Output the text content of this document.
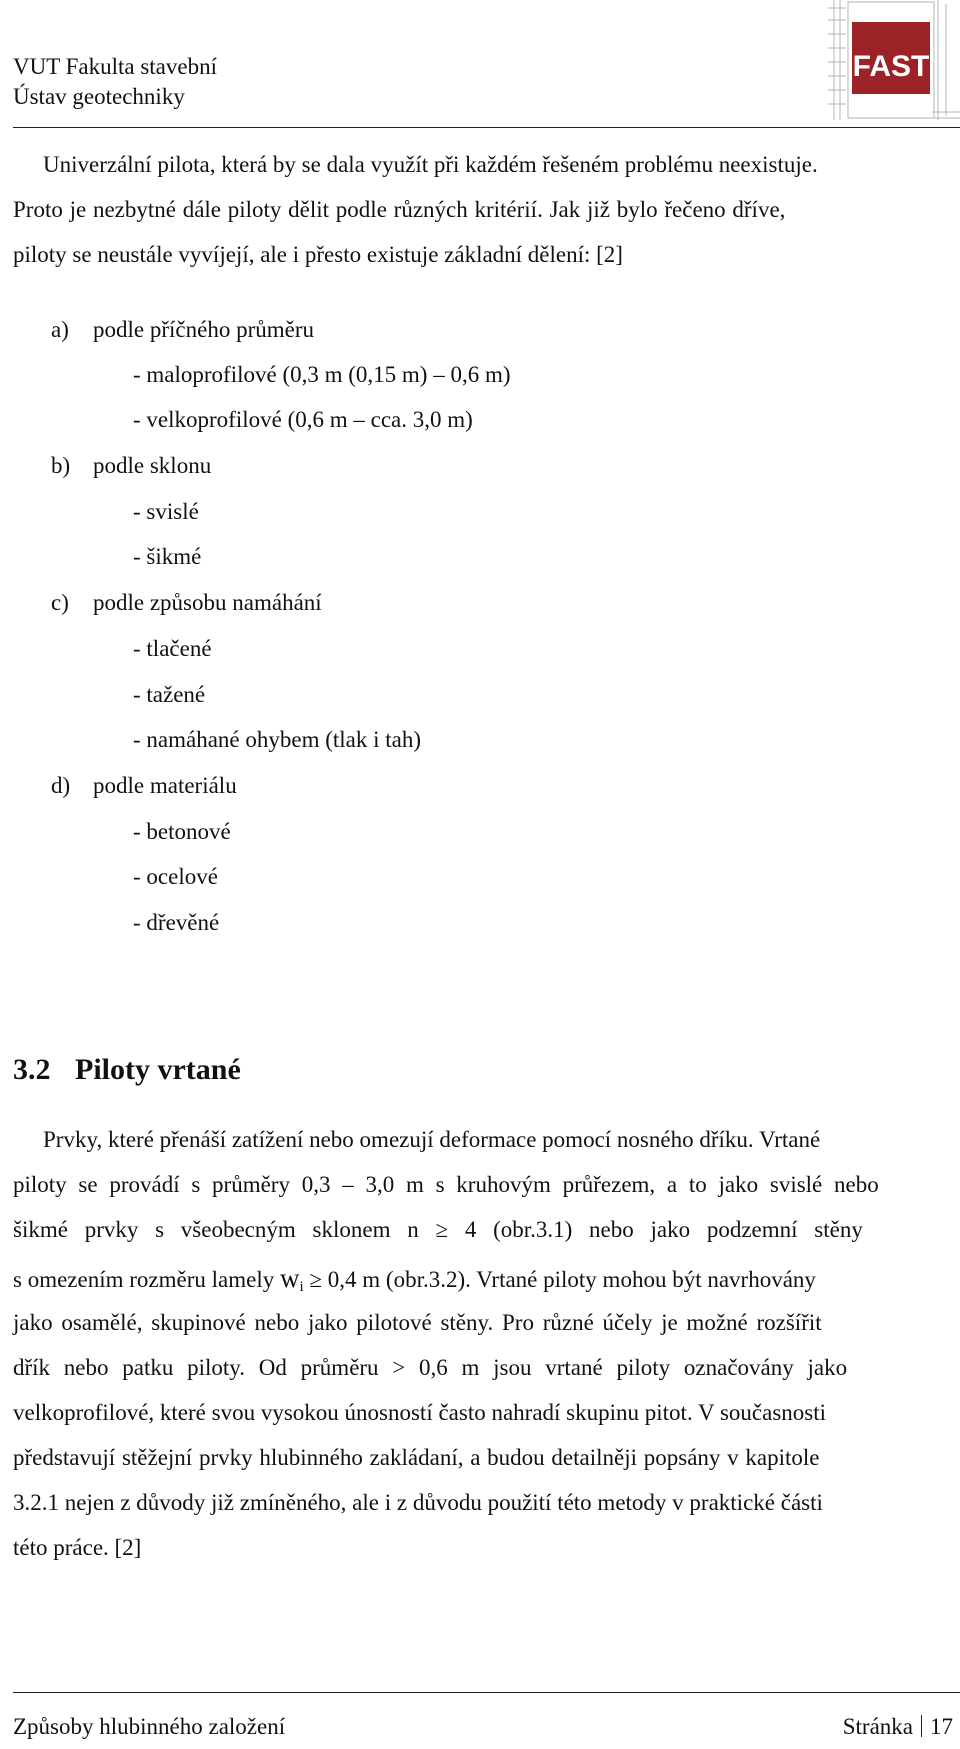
VUT Fakulta stavební
Ústav geotechniky
FAST
Univerzální pilota, která by se dala využít při každém řešeném problému neexistuje.
Proto je nezbytné dále piloty dělit podle různých kritérií. Jak již bylo řečeno dříve,
piloty se neustále vyvíjejí, ale i přesto existuje základní dělení: [2]
a) podle příčného průměru
- maloprofilové (0,3 m (0,15 m) – 0,6 m)
- velkoprofilové (0,6 m – cca. 3,0 m)
b) podle sklonu
- svislé
- šikmé
c) podle způsobu namáhání
- tlačené
- tažené
- namáhané ohybem (tlak i tah)
d) podle materiálu
- betonové
- ocelové
- dřevěné
3.2 Piloty vrtané
Prvky, které přenáší zatížení nebo omezují deformace pomocí nosného dříku. Vrtané
piloty se provádí s průměry 0,3 – 3,0 m s kruhovým průřezem, a to jako svislé nebo
šikmé prvky s všeobecným sklonem n ≥ 4 (obr.3.1) nebo jako podzemní stěny
s omezením rozměru lamely $w_i \ge 0,4$ m (obr.3.2). Vrtané piloty mohou být navrhovány
jako osamělé, skupinové nebo jako pilotové stěny. Pro různé účely je možné rozšířit
dřík nebo patku piloty. Od průměru > 0,6 m jsou vrtané piloty označovány jako
velkoprofilové, které svou vysokou únosností často nahradí skupinu pitot. V současnosti
představují stěžejní prvky hlubinného zakládaní, a budou detailněji popsány v kapitole
3.2.1 nejen z důvody již zmíněného, ale i z důvodu použití této metody v praktické části
této práce. [2]
Způsoby hlubinného založení	Stránka 17
